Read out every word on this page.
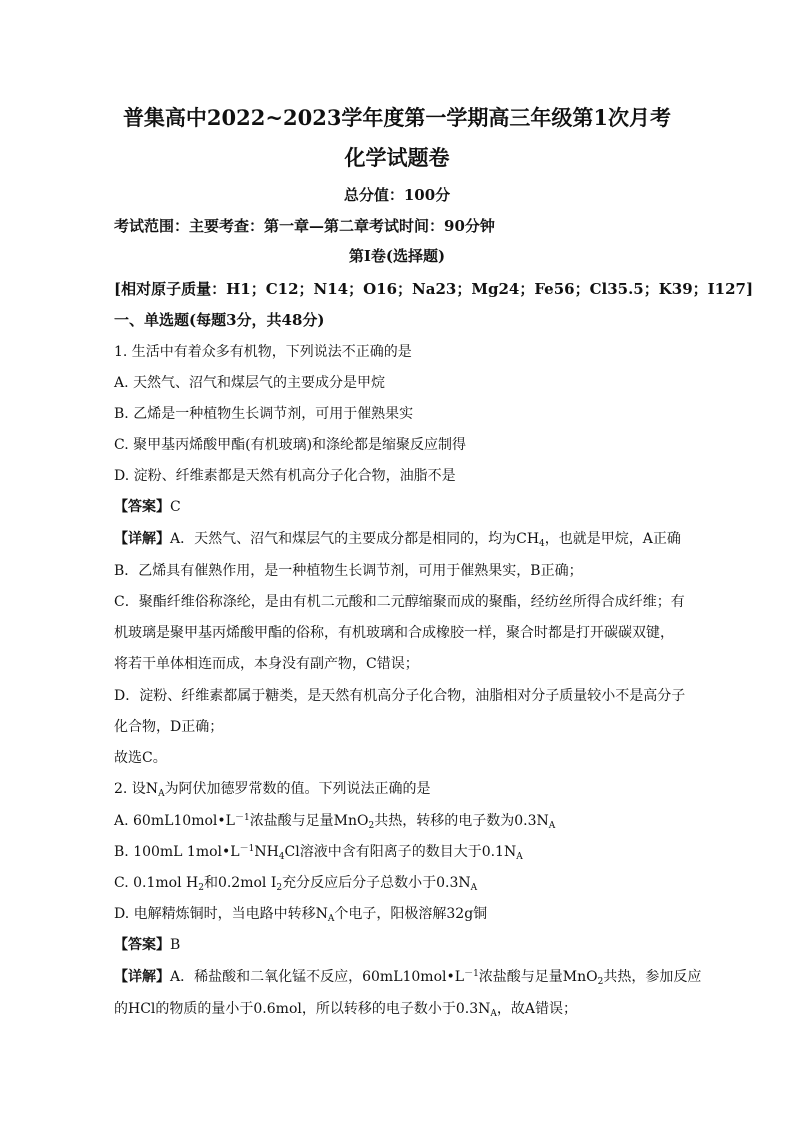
普集高中2022~2023学年度第一学期高三年级第1次月考
化学试题卷
总分值：100分
考试范围：主要考查：第一章—第二章考试时间：90分钟
第I卷(选择题)
[相对原子质量：H1；C12；N14；O16；Na23；Mg24；Fe56；Cl35.5；K39；I127]
一、单选题(每题3分，共48分)
1. 生活中有着众多有机物，下列说法不正确的是
A. 天然气、沼气和煤层气的主要成分是甲烷
B. 乙烯是一种植物生长调节剂，可用于催熟果实
C. 聚甲基丙烯酸甲酯(有机玻璃)和涤纶都是缩聚反应制得
D. 淀粉、纤维素都是天然有机高分子化合物，油脂不是
【答案】C
【详解】A．天然气、沼气和煤层气的主要成分都是相同的，均为$CH_4$，也就是甲烷，A正确
B．乙烯具有催熟作用，是一种植物生长调节剂，可用于催熟果实，B正确；
C．聚酯纤维俗称涤纶，是由有机二元酸和二元醇缩聚而成的聚酯，经纺丝所得合成纤维；有
机玻璃是聚甲基丙烯酸甲酯的俗称，有机玻璃和合成橡胶一样，聚合时都是打开碳碳双键，
将若干单体相连而成，本身没有副产物，C错误；
D．淀粉、纤维素都属于糖类，是天然有机高分子化合物，油脂相对分子质量较小不是高分子
化合物，D正确；
故选C。
2. 设$N_A$为阿伏加德罗常数的值。下列说法正确的是
A. $60mL10mol•L^{-1}$浓盐酸与足量MnO$_2$共热，转移的电子数为$0.3N_A$
B. 100mL $1mol•L^{-1}NH_4Cl$溶液中含有阳离子的数目大于$0.1N_A$
C. 0.1mol $H_2$和0.2mol $I_2$充分反应后分子总数小于$0.3N_A$
D. 电解精炼铜时，当电路中转移$N_A$个电子，阳极溶解32g铜
【答案】B
【详解】A．稀盐酸和二氧化锰不反应，$60mL10mol•L^{-1}$浓盐酸与足量MnO$_2$共热，参加反应
的HCl的物质的量小于0.6mol，所以转移的电子数小于$0.3N_A$，故A错误；
